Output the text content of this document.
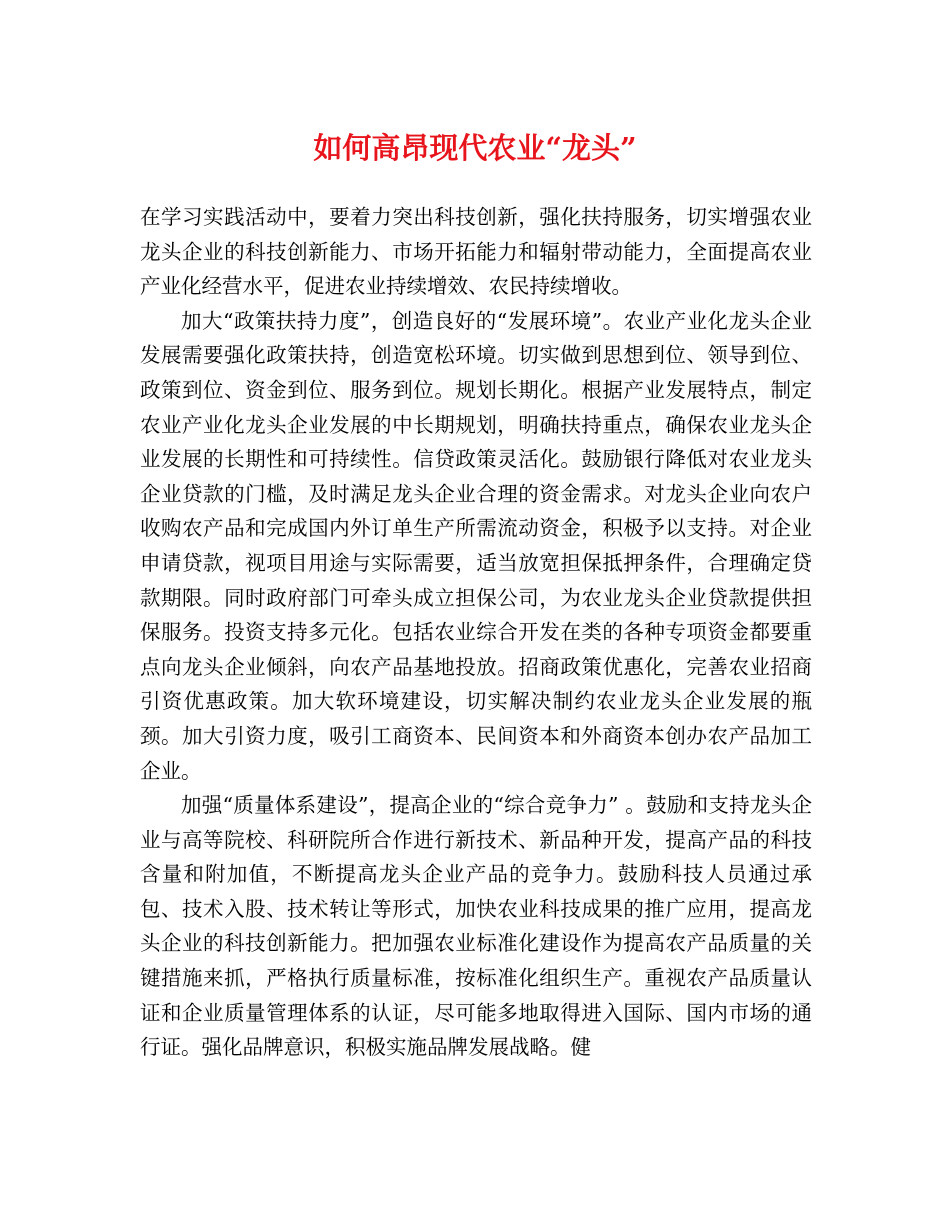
如何高昂现代农业“龙头”

在学习实践活动中，要着力突出科技创新，强化扶持服务，切实增强农业龙头企业的科技创新能力、市场开拓能力和辐射带动能力，全面提高农业产业化经营水平，促进农业持续增效、农民持续增收。

加大“政策扶持力度”，创造良好的“发展环境”。农业产业化龙头企业发展需要强化政策扶持，创造宽松环境。切实做到思想到位、领导到位、政策到位、资金到位、服务到位。规划长期化。根据产业发展特点，制定农业产业化龙头企业发展的中长期规划，明确扶持重点，确保农业龙头企业发展的长期性和可持续性。信贷政策灵活化。鼓励银行降低对农业龙头企业贷款的门槛，及时满足龙头企业合理的资金需求。对龙头企业向农户收购农产品和完成国内外订单生产所需流动资金，积极予以支持。对企业申请贷款，视项目用途与实际需要，适当放宽担保抵押条件，合理确定贷款期限。同时政府部门可牵头成立担保公司，为农业龙头企业贷款提供担保服务。投资支持多元化。包括农业综合开发在类的各种专项资金都要重点向龙头企业倾斜，向农产品基地投放。招商政策优惠化，完善农业招商引资优惠政策。加大软环境建设，切实解决制约农业龙头企业发展的瓶颈。加大引资力度，吸引工商资本、民间资本和外商资本创办农产品加工企业。

加强“质量体系建设”，提高企业的“综合竞争力” 。鼓励和支持龙头企业与高等院校、科研院所合作进行新技术、新品种开发，提高产品的科技含量和附加值，不断提高龙头企业产品的竞争力。鼓励科技人员通过承包、技术入股、技术转让等形式，加快农业科技成果的推广应用，提高龙头企业的科技创新能力。把加强农业标准化建设作为提高农产品质量的关键措施来抓，严格执行质量标准，按标准化组织生产。重视农产品质量认证和企业质量管理体系的认证，尽可能多地取得进入国际、国内市场的通行证。强化品牌意识，积极实施品牌发展战略。健
